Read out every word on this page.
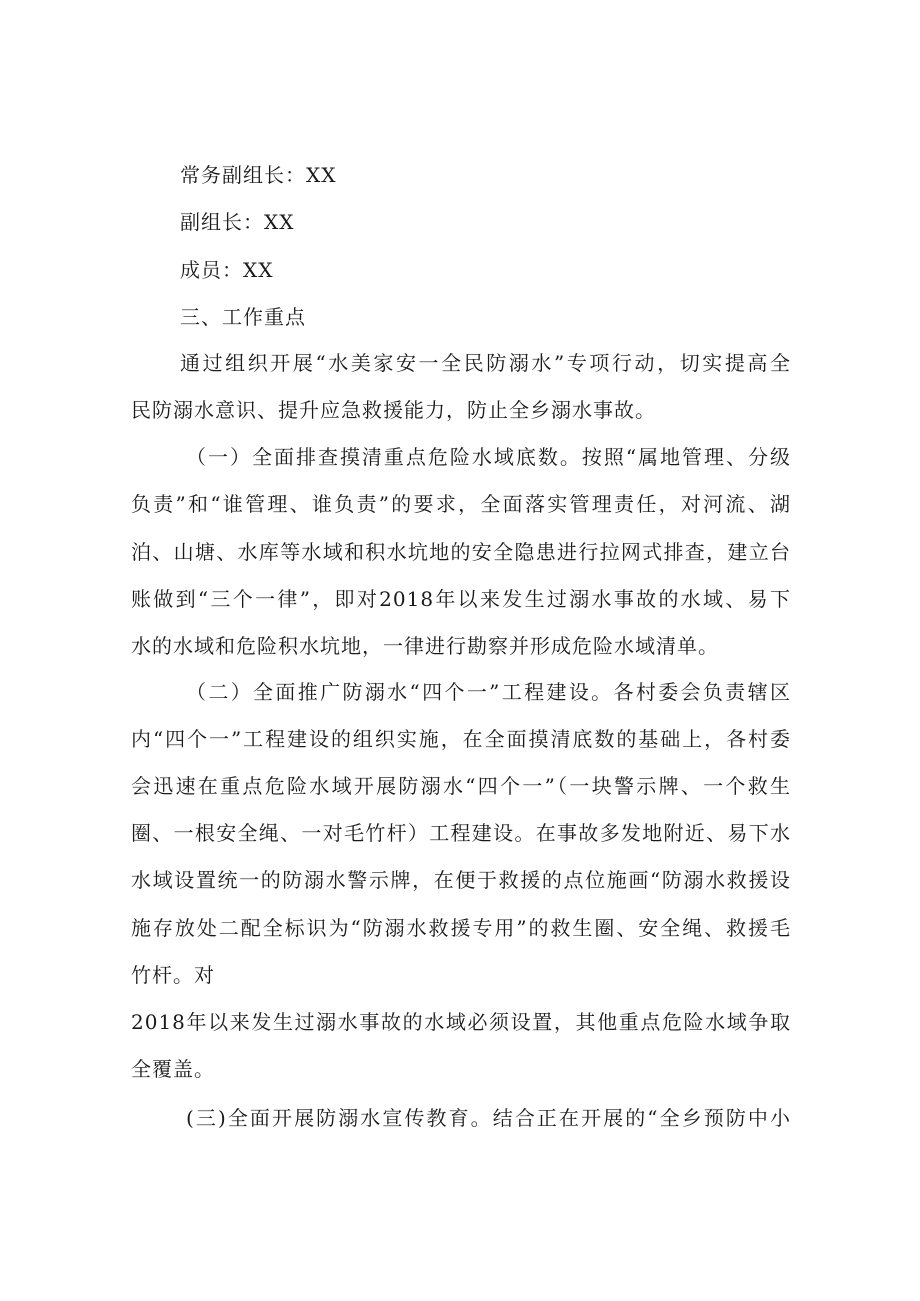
常务副组长：XX
副组长：XX
成员：XX
三、工作重点
通过组织开展“水美家安一全民防溺水”专项行动，切实提高全
民防溺水意识、提升应急救援能力，防止全乡溺水事故。
（一）全面排查摸清重点危险水域底数。按照“属地管理、分级
负责”和“谁管理、谁负责”的要求，全面落实管理责任，对河流、湖
泊、山塘、水库等水域和积水坑地的安全隐患进行拉网式排查，建立台
账做到“三个一律”，即对2018年以来发生过溺水事故的水域、易下
水的水域和危险积水坑地，一律进行勘察并形成危险水域清单。
（二）全面推广防溺水“四个一”工程建设。各村委会负责辖区
内“四个一”工程建设的组织实施，在全面摸清底数的基础上，各村委
会迅速在重点危险水域开展防溺水“四个一”（一块警示牌、一个救生
圈、一根安全绳、一对毛竹杆）工程建设。在事故多发地附近、易下水
水域设置统一的防溺水警示牌，在便于救援的点位施画“防溺水救援设
施存放处二配全标识为“防溺水救援专用”的救生圈、安全绳、救援毛
竹杆。对
2018年以来发生过溺水事故的水域必须设置，其他重点危险水域争取
全覆盖。
(三)全面开展防溺水宣传教育。结合正在开展的“全乡预防中小
